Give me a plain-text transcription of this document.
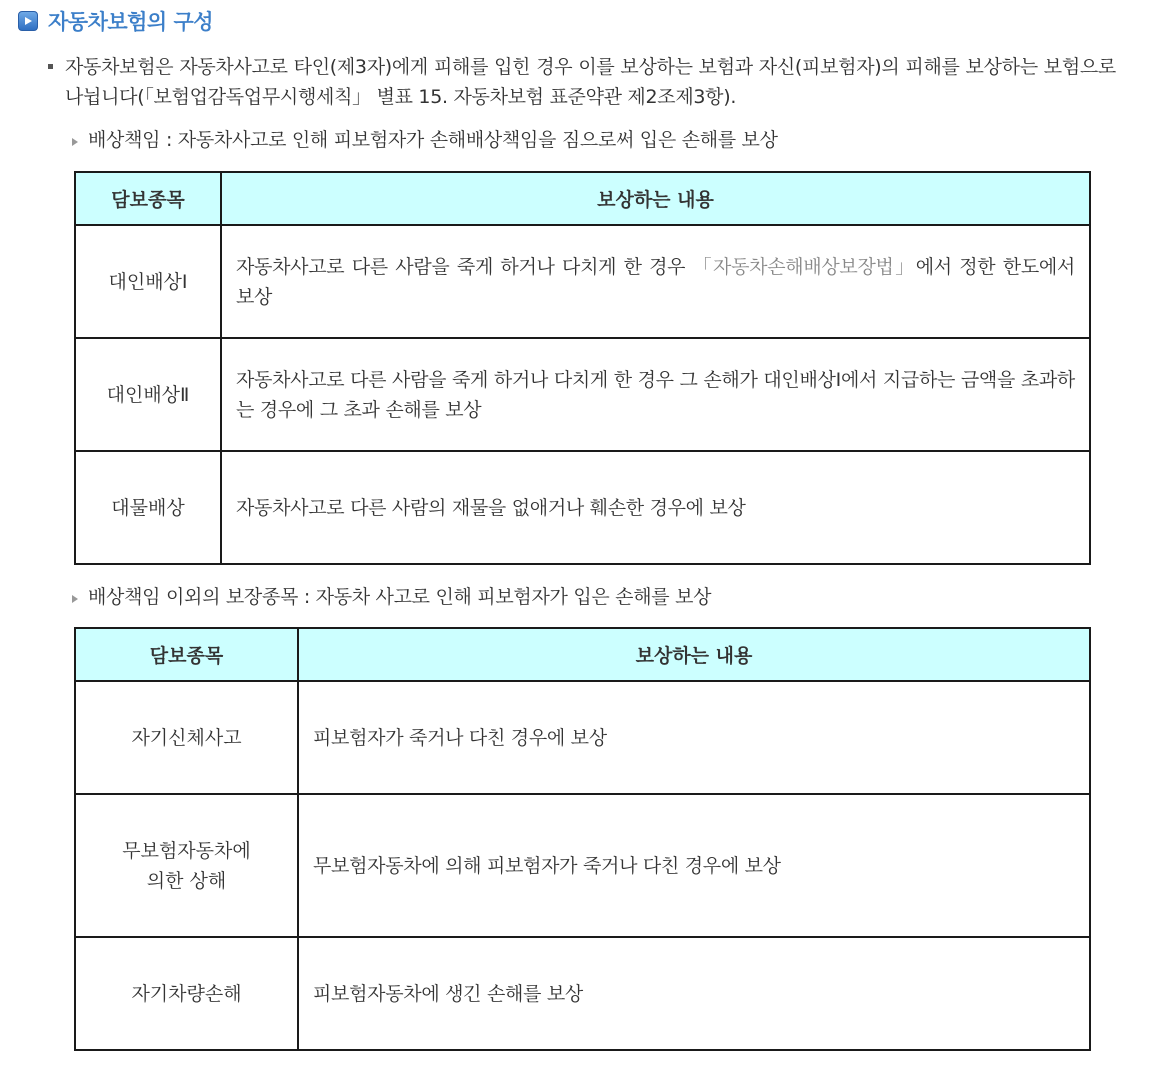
자동차보험의 구성
자동차보험은 자동차사고로 타인(제3자)에게 피해를 입힌 경우 이를 보상하는 보험과 자신(피보험자)의 피해를 보상하는 보험으로 나뉩니다(「보험업감독업무시행세칙」 별표 15. 자동차보험 표준약관 제2조제3항).
배상책임 : 자동차사고로 인해 피보험자가 손해배상책임을 짐으로써 입은 손해를 보상
담보종목	보상하는 내용
대인배상Ⅰ	자동차사고로 다른 사람을 죽게 하거나 다치게 한 경우 「자동차손해배상보장법」에서 정한 한도에서 보상
대인배상Ⅱ	자동차사고로 다른 사람을 죽게 하거나 다치게 한 경우 그 손해가 대인배상Ⅰ에서 지급하는 금액을 초과하는 경우에 그 초과 손해를 보상
대물배상	자동차사고로 다른 사람의 재물을 없애거나 훼손한 경우에 보상
배상책임 이외의 보장종목 : 자동차 사고로 인해 피보험자가 입은 손해를 보상
담보종목	보상하는 내용
자기신체사고	피보험자가 죽거나 다친 경우에 보상

무보험자동차에
의한 상해	무보험자동차에 의해 피보험자가 죽거나 다친 경우에 보상
자기차량손해	피보험자동차에 생긴 손해를 보상
